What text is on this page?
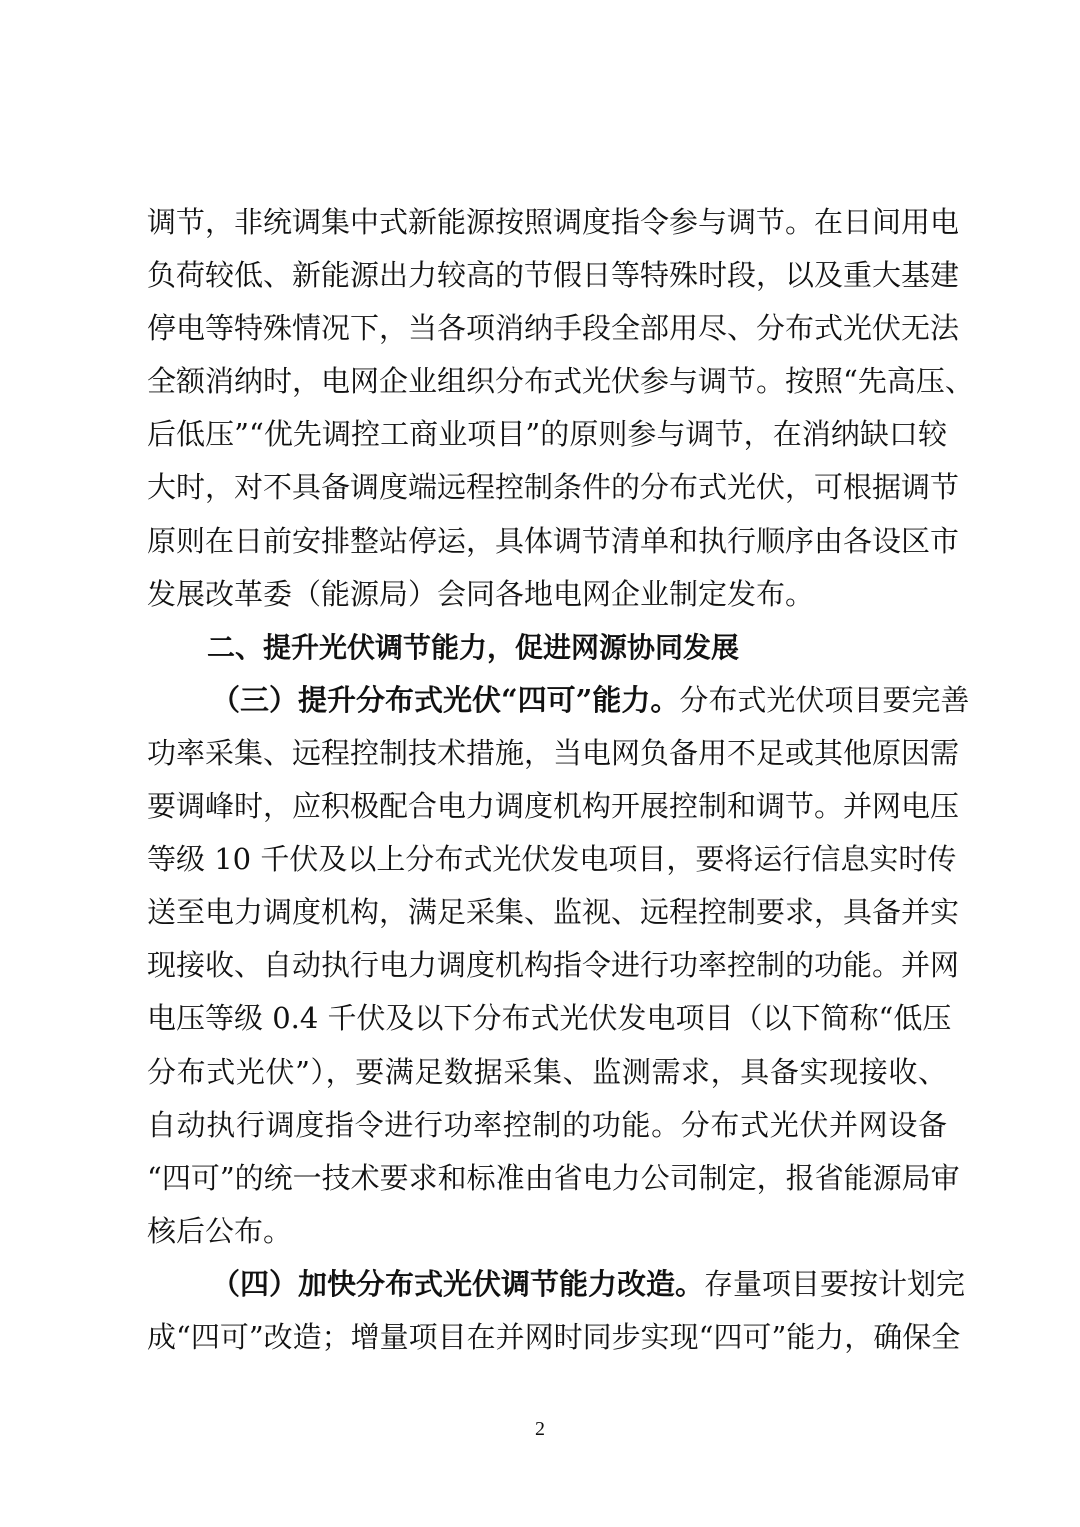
调节，非统调集中式新能源按照调度指令参与调节。在日间用电
负荷较低、新能源出力较高的节假日等特殊时段，以及重大基建
停电等特殊情况下，当各项消纳手段全部用尽、分布式光伏无法
全额消纳时，电网企业组织分布式光伏参与调节。按照“先高压、
后低压”“优先调控工商业项目”的原则参与调节，在消纳缺口较
大时，对不具备调度端远程控制条件的分布式光伏，可根据调节
原则在日前安排整站停运，具体调节清单和执行顺序由各设区市
发展改革委（能源局）会同各地电网企业制定发布。
二、提升光伏调节能力，促进网源协同发展
（三）提升分布式光伏“四可”能力。分布式光伏项目要完善
功率采集、远程控制技术措施，当电网负备用不足或其他原因需
要调峰时，应积极配合电力调度机构开展控制和调节。并网电压
等级 10 千伏及以上分布式光伏发电项目，要将运行信息实时传
送至电力调度机构，满足采集、监视、远程控制要求，具备并实
现接收、自动执行电力调度机构指令进行功率控制的功能。并网
电压等级 0.4 千伏及以下分布式光伏发电项目（以下简称“低压
分布式光伏”），要满足数据采集、监测需求，具备实现接收、
自动执行调度指令进行功率控制的功能。分布式光伏并网设备
“四可”的统一技术要求和标准由省电力公司制定，报省能源局审
核后公布。
（四）加快分布式光伏调节能力改造。存量项目要按计划完
成“四可”改造；增量项目在并网时同步实现“四可”能力，确保全
2
